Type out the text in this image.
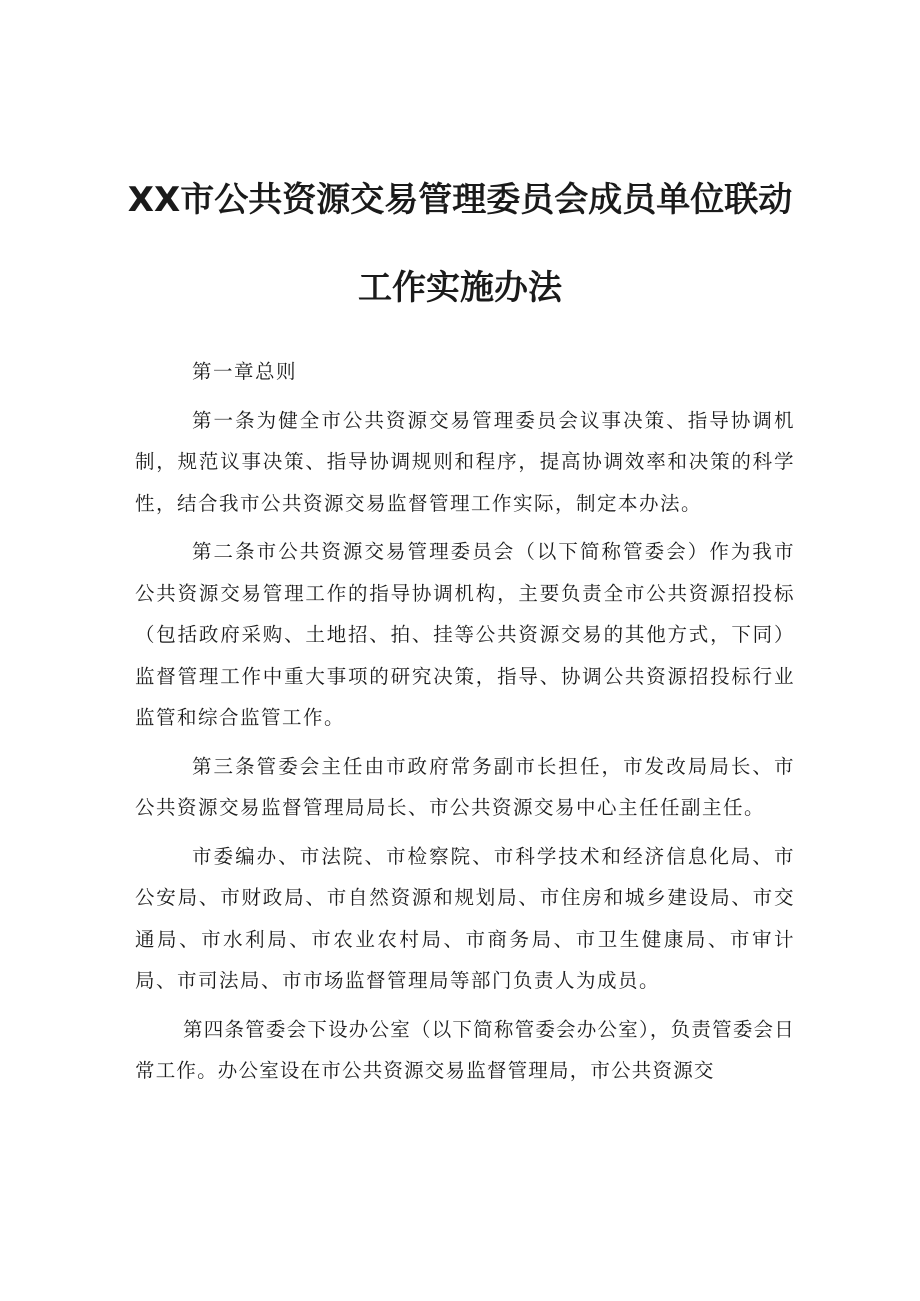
XX市公共资源交易管理委员会成员单位联动
工作实施办法

第一章总则

第一条为健全市公共资源交易管理委员会议事决策、指导协调机制，规范议事决策、指导协调规则和程序，提高协调效率和决策的科学性，结合我市公共资源交易监督管理工作实际，制定本办法。

第二条市公共资源交易管理委员会（以下简称管委会）作为我市公共资源交易管理工作的指导协调机构，主要负责全市公共资源招投标（包括政府采购、土地招、拍、挂等公共资源交易的其他方式，下同）监督管理工作中重大事项的研究决策，指导、协调公共资源招投标行业监管和综合监管工作。

第三条管委会主任由市政府常务副市长担任，市发改局局长、市公共资源交易监督管理局局长、市公共资源交易中心主任任副主任。

市委编办、市法院、市检察院、市科学技术和经济信息化局、市公安局、市财政局、市自然资源和规划局、市住房和城乡建设局、市交通局、市水利局、市农业农村局、市商务局、市卫生健康局、市审计局、市司法局、市市场监督管理局等部门负责人为成员。

第四条管委会下设办公室（以下简称管委会办公室），负责管委会日常工作。办公室设在市公共资源交易监督管理局，市公共资源交
